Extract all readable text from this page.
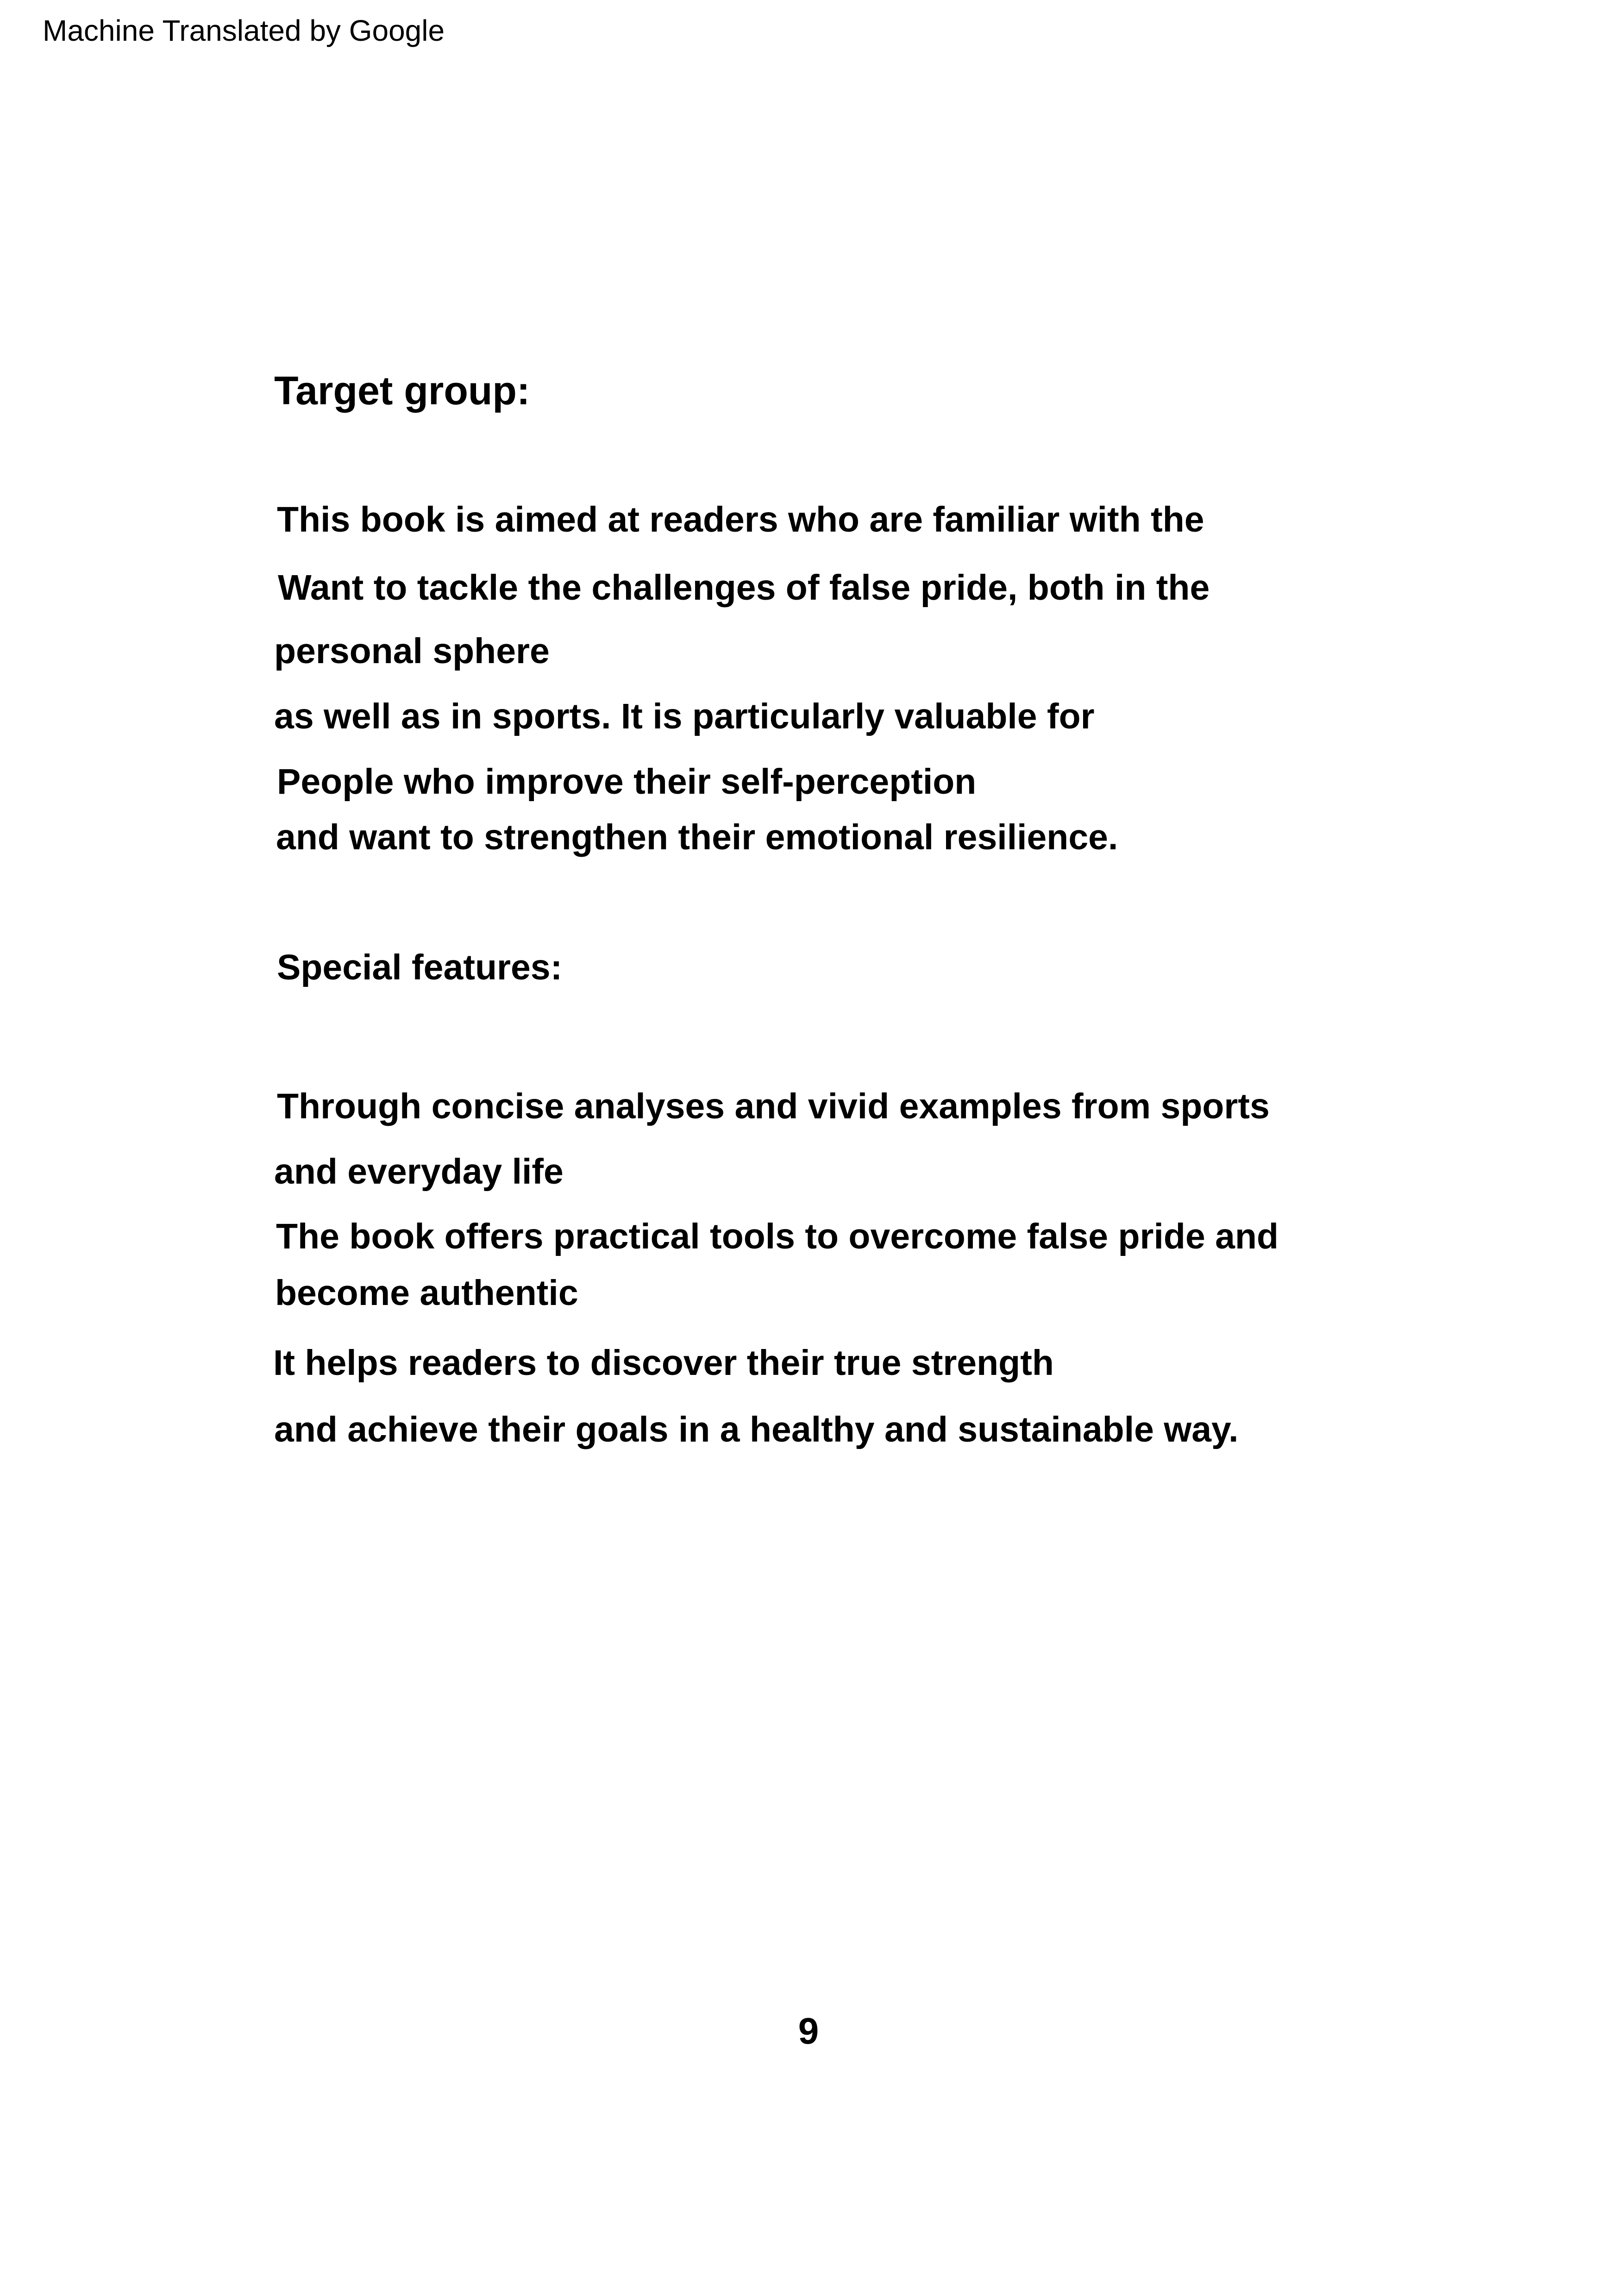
Machine Translated by Google
Target group:
This book is aimed at readers who are familiar with the
Want to tackle the challenges of false pride, both in the
personal sphere
as well as in sports. It is particularly valuable for
People who improve their self-perception
and want to strengthen their emotional resilience.
Special features:
Through concise analyses and vivid examples from sports
and everyday life
The book offers practical tools to overcome false pride and
become authentic
It helps readers to discover their true strength
and achieve their goals in a healthy and sustainable way.
9
